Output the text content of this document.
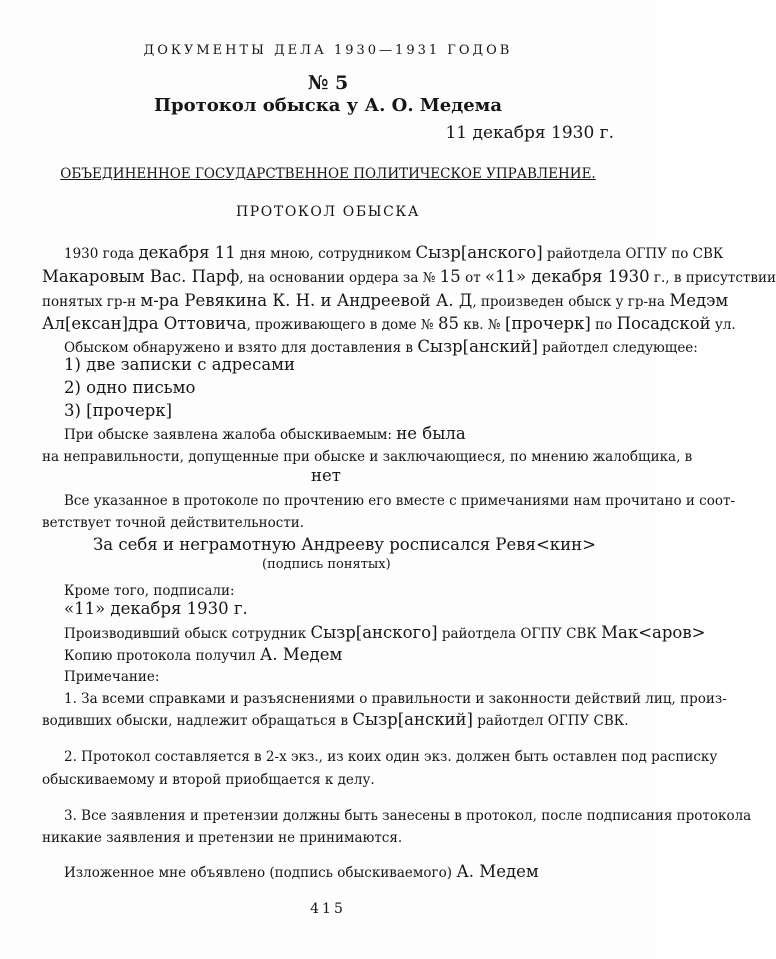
ДОКУМЕНТЫ ДЕЛА 1930—1931 ГОДОВ
№ 5
Протокол обыска у А. О. Медема
11 декабря 1930 г.
ОБЪЕДИНЕННОЕ ГОСУДАРСТВЕННОЕ ПОЛИТИЧЕСКОЕ УПРАВЛЕНИЕ.
ПРОТОКОЛ ОБЫСКА
1930 года декабря 11 дня мною, сотрудником Сызр[анского] райотдела ОГПУ по СВК
Макаровым Вас. Парф, на основании ордера за № 15 от «11» декабря 1930 г., в присутствии
понятых гр-н м-ра Ревякина К. Н. и Андреевой А. Д, произведен обыск у гр-на Медэм
Ал[ексан]дра Оттовича, проживающего в доме № 85 кв. № [прочерк] по Посадской ул.
Обыском обнаружено и взято для доставления в Сызр[анский] райотдел следующее:
1) две записки с адресами
2) одно письмо
3) [прочерк]
При обыске заявлена жалоба обыскиваемым: не была
на неправильности, допущенные при обыске и заключающиеся, по мнению жалобщика, в
нет
Все указанное в протоколе по прочтению его вместе с примечаниями нам прочитано и соот-
ветствует точной действительности.
За себя и неграмотную Андрееву росписался Ревя<кин>
(подпись понятых)
Кроме того, подписали:
«11» декабря 1930 г.
Производивший обыск сотрудник Сызр[анского] райотдела ОГПУ СВК Мак<аров>
Копию протокола получил А. Медем
Примечание:
1. За всеми справками и разъяснениями о правильности и законности действий лиц, произ-
водивших обыски, надлежит обращаться в Сызр[анский] райотдел ОГПУ СВК.
2. Протокол составляется в 2-х экз., из коих один экз. должен быть оставлен под расписку
обыскиваемому и второй приобщается к делу.
3. Все заявления и претензии должны быть занесены в протокол, после подписания протокола
никакие заявления и претензии не принимаются.
Изложенное мне объявлено (подпись обыскиваемого) А. Медем
415
